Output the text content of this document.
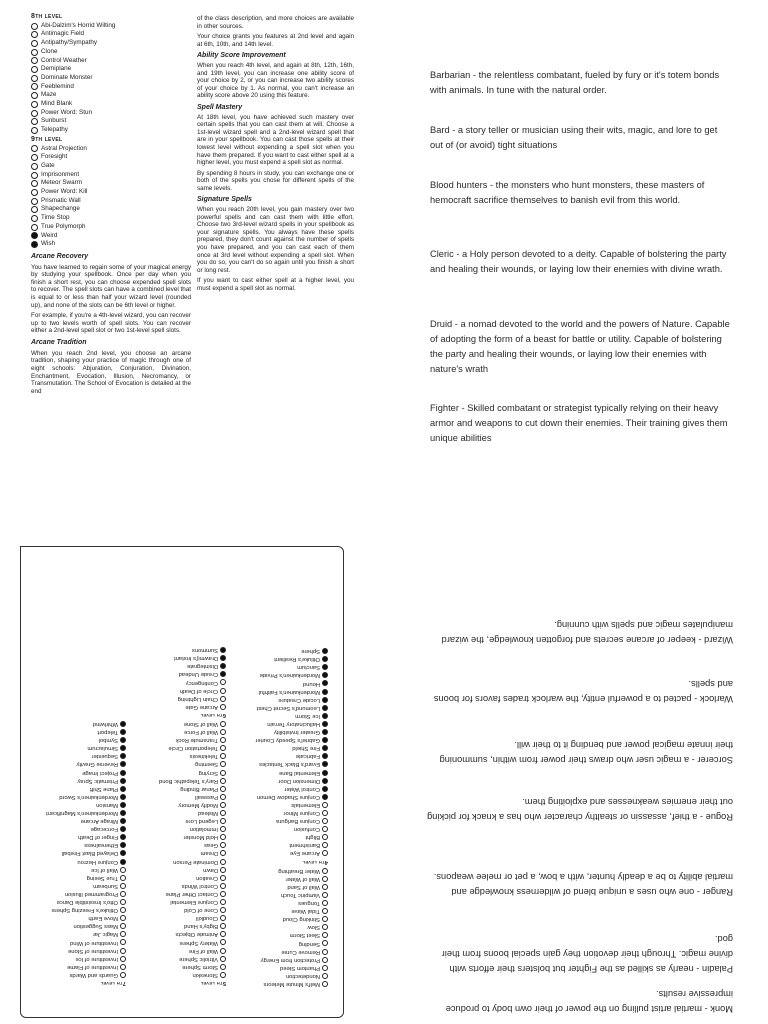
8th level
Abi-Dalzim's Horrid Wilting
Antimagic Field
Antipathy/Sympathy
Clone
Control Weather
Demiplane
Dominate Monster
Feeblemind
Maze
Mind Blank
Power Word: Stun
Sunburst
Telepathy
9th level
Astral Projection
Foresight
Gate
Imprisonment
Meteor Swarm
Power Word: Kill
Prismatic Wall
Shapechange
Time Stop
True Polymorph
Weird
Wish
Arcane Recovery

You have learned to regain some of your magical energy by studying your spellbook. Once per day when you finish a short rest, you can choose expended spell slots to recover. The spell slots can have a combined level that is equal to or less than half your wizard level (rounded up), and none of the slots can be 6th level or higher.

For example, if you're a 4th-level wizard, you can recover up to two levels worth of spell slots. You can recover either a 2nd-level spell slot or two 1st-level spell slots.

Arcane Tradition

When you reach 2nd level, you choose an arcane tradition, shaping your practice of magic through one of eight schools: Abjuration, Conjuration, Divination, Enchantment, Evocation, Illusion, Necromancy, or Transmutation. The School of Evocation is detailed at the end

of the class description, and more choices are available in other sources.

Your choice grants you features at 2nd level and again at 6th, 10th, and 14th level.

Ability Score Improvement

When you reach 4th level, and again at 8th, 12th, 16th, and 19th level, you can increase one ability score of your choice by 2, or you can increase two ability scores of your choice by 1. As normal, you can't increase an ability score above 20 using this feature.

Spell Mastery

At 18th level, you have achieved such mastery over certain spells that you can cast them at will. Choose a 1st-level wizard spell and a 2nd-level wizard spell that are in your spellbook. You can cast those spells at their lowest level without expending a spell slot when you have them prepared. If you want to cast either spell at a higher level, you must expend a spell slot as normal.

By spending 8 hours in study, you can exchange one or both of the spells you chose for different spells of the same levels.

Signature Spells

When you reach 20th level, you gain mastery over two powerful spells and can cast them with little effort. Choose two 3rd-level wizard spells in your spellbook as your signature spells. You always have these spells prepared, they don't count against the number of spells you have prepared, and you can cast each of them once at 3rd level without expending a spell slot. When you do so, you can't do so again until you finish a short or long rest.

If you want to cast either spell at a higher level, you must expend a spell slot as normal.

Barbarian - the relentless combatant, fueled by fury or it's totem bonds with animals. In tune with the natural order.
Bard - a story teller or musician using their wits, magic, and lore to get out of (or avoid) tight situations
Blood hunters - the monsters who hunt monsters, these masters of hemocraft sacrifice themselves to banish evil from this world.
Cleric - a Holy person devoted to a deity. Capable of bolstering the party and healing their wounds, or laying low their enemies with divine wrath.
Druid - a nomad devoted to the world and the powers of Nature. Capable of adopting the form of a beast for battle or utility. Capable of bolstering the party and healing their wounds, or laying low their enemies with nature's wrath
Fighter - Skilled combatant or strategist typically relying on their heavy armor and weapons to cut down their enemies. Their training gives them unique abilities
Melf's Minute Meteors
Nondetection
Phantom Steed
Protection from Energy
Remove Curse
Sending
Sleet Storm
Slow
Stinking Cloud
Tidal Wave
Tongues
Vampiric Touch
Wall of Sand
Wall of Water
Water Breathing
4th level
Arcane Eye
Banishment
Blight
Confusion
Conjure Barlgura
Conjure Minor
Elementals
Conjure Shadow Demon
Control Water
Dimension Door
Elemental Bane
Evard's Black Tentacles
Fabricate
Fire Shield
Gabriel's Speedy Courier
Greater Invisibility
Hallucinatory Terrain
Ice Storm
Leomund's Secret Chest
Locate Creature
Mordenkainen's Faithful
Hound
Mordenkainen's Private
Sanctum
Otiluke's Resilient
Sphere
5th level
Stoneskin
Storm Sphere
Vitriolic Sphere
Wall of Fire
Watery Sphere
Animate Objects
Bigby's Hand
Cloudkill
Cone of Cold
Conjure Elemental
Contact Other Plane
Control Winds
Creation
Dawn
Dominate Person
Dream
Geas
Hold Monster
Immolation
Legend Lore
Mislead
Modify Memory
Passwall
Planar Binding
Rary's Telepathic Bond
Scrying
Seeming
Telekinesis
Teleportation Circle
Transmute Rock
Wall of Force
Wall of Stone
6th level
Arcane Gate
Chain Lightning
Circle of Death
Contingency
Create Undead
Disintegrate
Drawmij's Instant
Summons
7th level
Guards and Wards
Investiture of Flame
Investiture of Ice
Investiture of Stone
Investiture of Wind
Magic Jar
Mass Suggestion
Move Earth
Otiluke's Freezing Sphere
Otto's Irresistible Dance
Programmed Illusion
Sunbeam
True Seeing
Wall of Ice
Conjure Hezrou
Delayed Blast Fireball
Etherealness
Finger of Death
Forcecage
Mirage Arcane
Mordenkainen's Magnificent
Mansion
Mordenkainen's Sword
Plane Shift
Prismatic Spray
Project Image
Reverse Gravity
Sequester
Simulacrum
Symbol
Teleport
Whirlwind
Monk - martial artist pulling on the power of their own body to produce impressive results.
Paladin - nearly as skilled as the Fighter but bolsters their efforts with divine magic. Through their devotion they gain special boons from their god.
Ranger - one who uses a unique blend of wilderness knowledge and martial ability to be a deadly hunter, with a bow, a pet or melee weapons.
Rogue - a thief, assassin or stealthy character who has a knack for picking out their enemies weaknesses and exploiting them.
Sorcerer - a magic user who draws their power from within, summoning their innate magical power and bending it to their will.
Warlock - pacted to a powerful entity, the warlock trades favors for boons and spells.
Wizard - keeper of arcane secrets and forgotten knowledge, the wizard manipulates magic and spells with cunning.
